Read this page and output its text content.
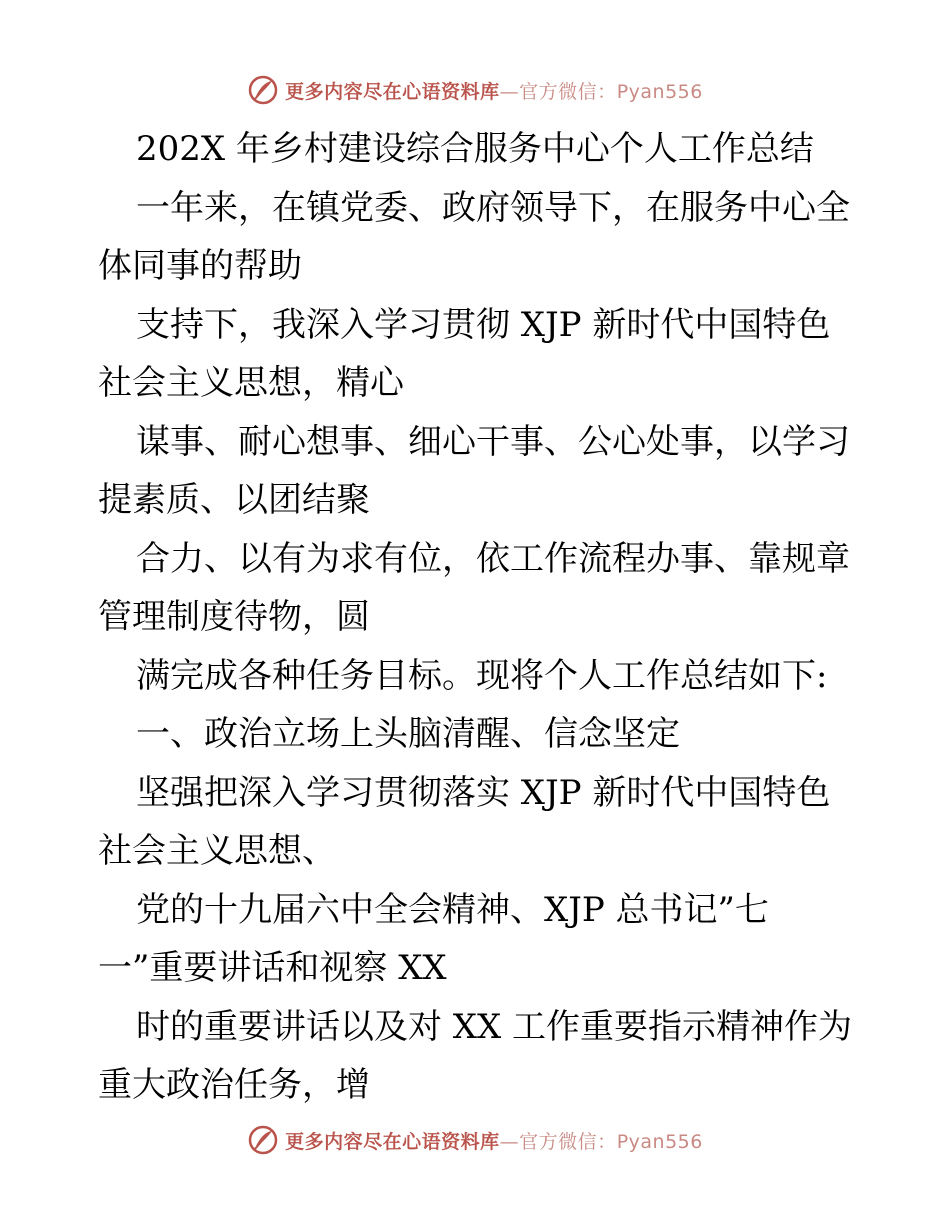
更多内容尽在心语资料库—官方微信：Pyan556
202X 年乡村建设综合服务中心个人工作总结
一年来，在镇党委、政府领导下，在服务中心全
体同事的帮助
支持下，我深入学习贯彻 XJP 新时代中国特色
社会主义思想，精心
谋事、耐心想事、细心干事、公心处事，以学习
提素质、以团结聚
合力、以有为求有位，依工作流程办事、靠规章
管理制度待物，圆
满完成各种任务目标。现将个人工作总结如下:
一、政治立场上头脑清醒、信念坚定
坚强把深入学习贯彻落实 XJP 新时代中国特色
社会主义思想、
党的十九届六中全会精神、XJP 总书记”七
一”重要讲话和视察 XX
时的重要讲话以及对 XX 工作重要指示精神作为
重大政治任务，增
更多内容尽在心语资料库—官方微信：Pyan556
